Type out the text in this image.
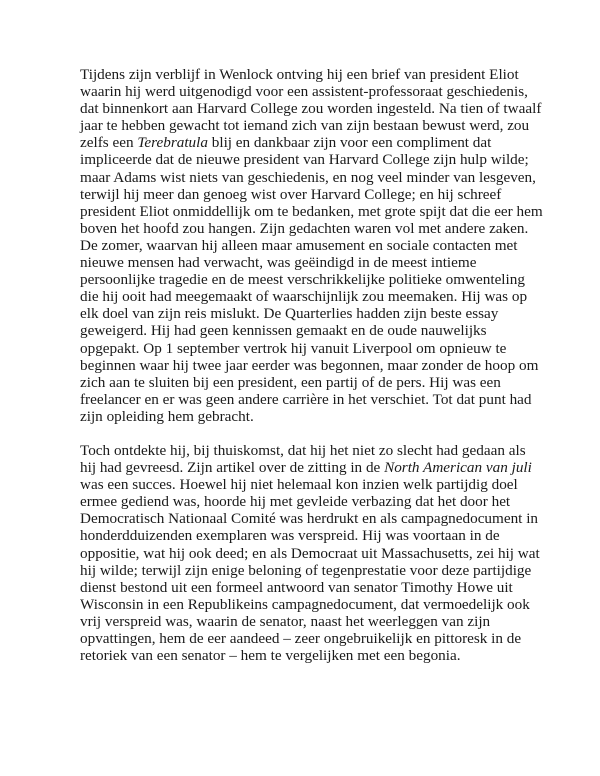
Tijdens zijn verblijf in Wenlock ontving hij een brief van president Eliot
waarin hij werd uitgenodigd voor een assistent-professoraat geschiedenis,
dat binnenkort aan Harvard College zou worden ingesteld. Na tien of twaalf
jaar te hebben gewacht tot iemand zich van zijn bestaan bewust werd, zou
zelfs een Terebratula blij en dankbaar zijn voor een compliment dat
impliceerde dat de nieuwe president van Harvard College zijn hulp wilde;
maar Adams wist niets van geschiedenis, en nog veel minder van lesgeven,
terwijl hij meer dan genoeg wist over Harvard College; en hij schreef
president Eliot onmiddellijk om te bedanken, met grote spijt dat die eer hem
boven het hoofd zou hangen. Zijn gedachten waren vol met andere zaken.
De zomer, waarvan hij alleen maar amusement en sociale contacten met
nieuwe mensen had verwacht, was geëindigd in de meest intieme
persoonlijke tragedie en de meest verschrikkelijke politieke omwenteling
die hij ooit had meegemaakt of waarschijnlijk zou meemaken. Hij was op
elk doel van zijn reis mislukt. De Quarterlies hadden zijn beste essay
geweigerd. Hij had geen kennissen gemaakt en de oude nauwelijks
opgepakt. Op 1 september vertrok hij vanuit Liverpool om opnieuw te
beginnen waar hij twee jaar eerder was begonnen, maar zonder de hoop om
zich aan te sluiten bij een president, een partij of de pers. Hij was een
freelancer en er was geen andere carrière in het verschiet. Tot dat punt had
zijn opleiding hem gebracht.

Toch ontdekte hij, bij thuiskomst, dat hij het niet zo slecht had gedaan als
hij had gevreesd. Zijn artikel over de zitting in de North American van juli
was een succes. Hoewel hij niet helemaal kon inzien welk partijdig doel
ermee gediend was, hoorde hij met gevleide verbazing dat het door het
Democratisch Nationaal Comité was herdrukt en als campagnedocument in
honderdduizenden exemplaren was verspreid. Hij was voortaan in de
oppositie, wat hij ook deed; en als Democraat uit Massachusetts, zei hij wat
hij wilde; terwijl zijn enige beloning of tegenprestatie voor deze partijdige
dienst bestond uit een formeel antwoord van senator Timothy Howe uit
Wisconsin in een Republikeins campagnedocument, dat vermoedelijk ook
vrij verspreid was, waarin de senator, naast het weerleggen van zijn
opvattingen, hem de eer aandeed – zeer ongebruikelijk en pittoresk in de
retoriek van een senator – hem te vergelijken met een begonia.
